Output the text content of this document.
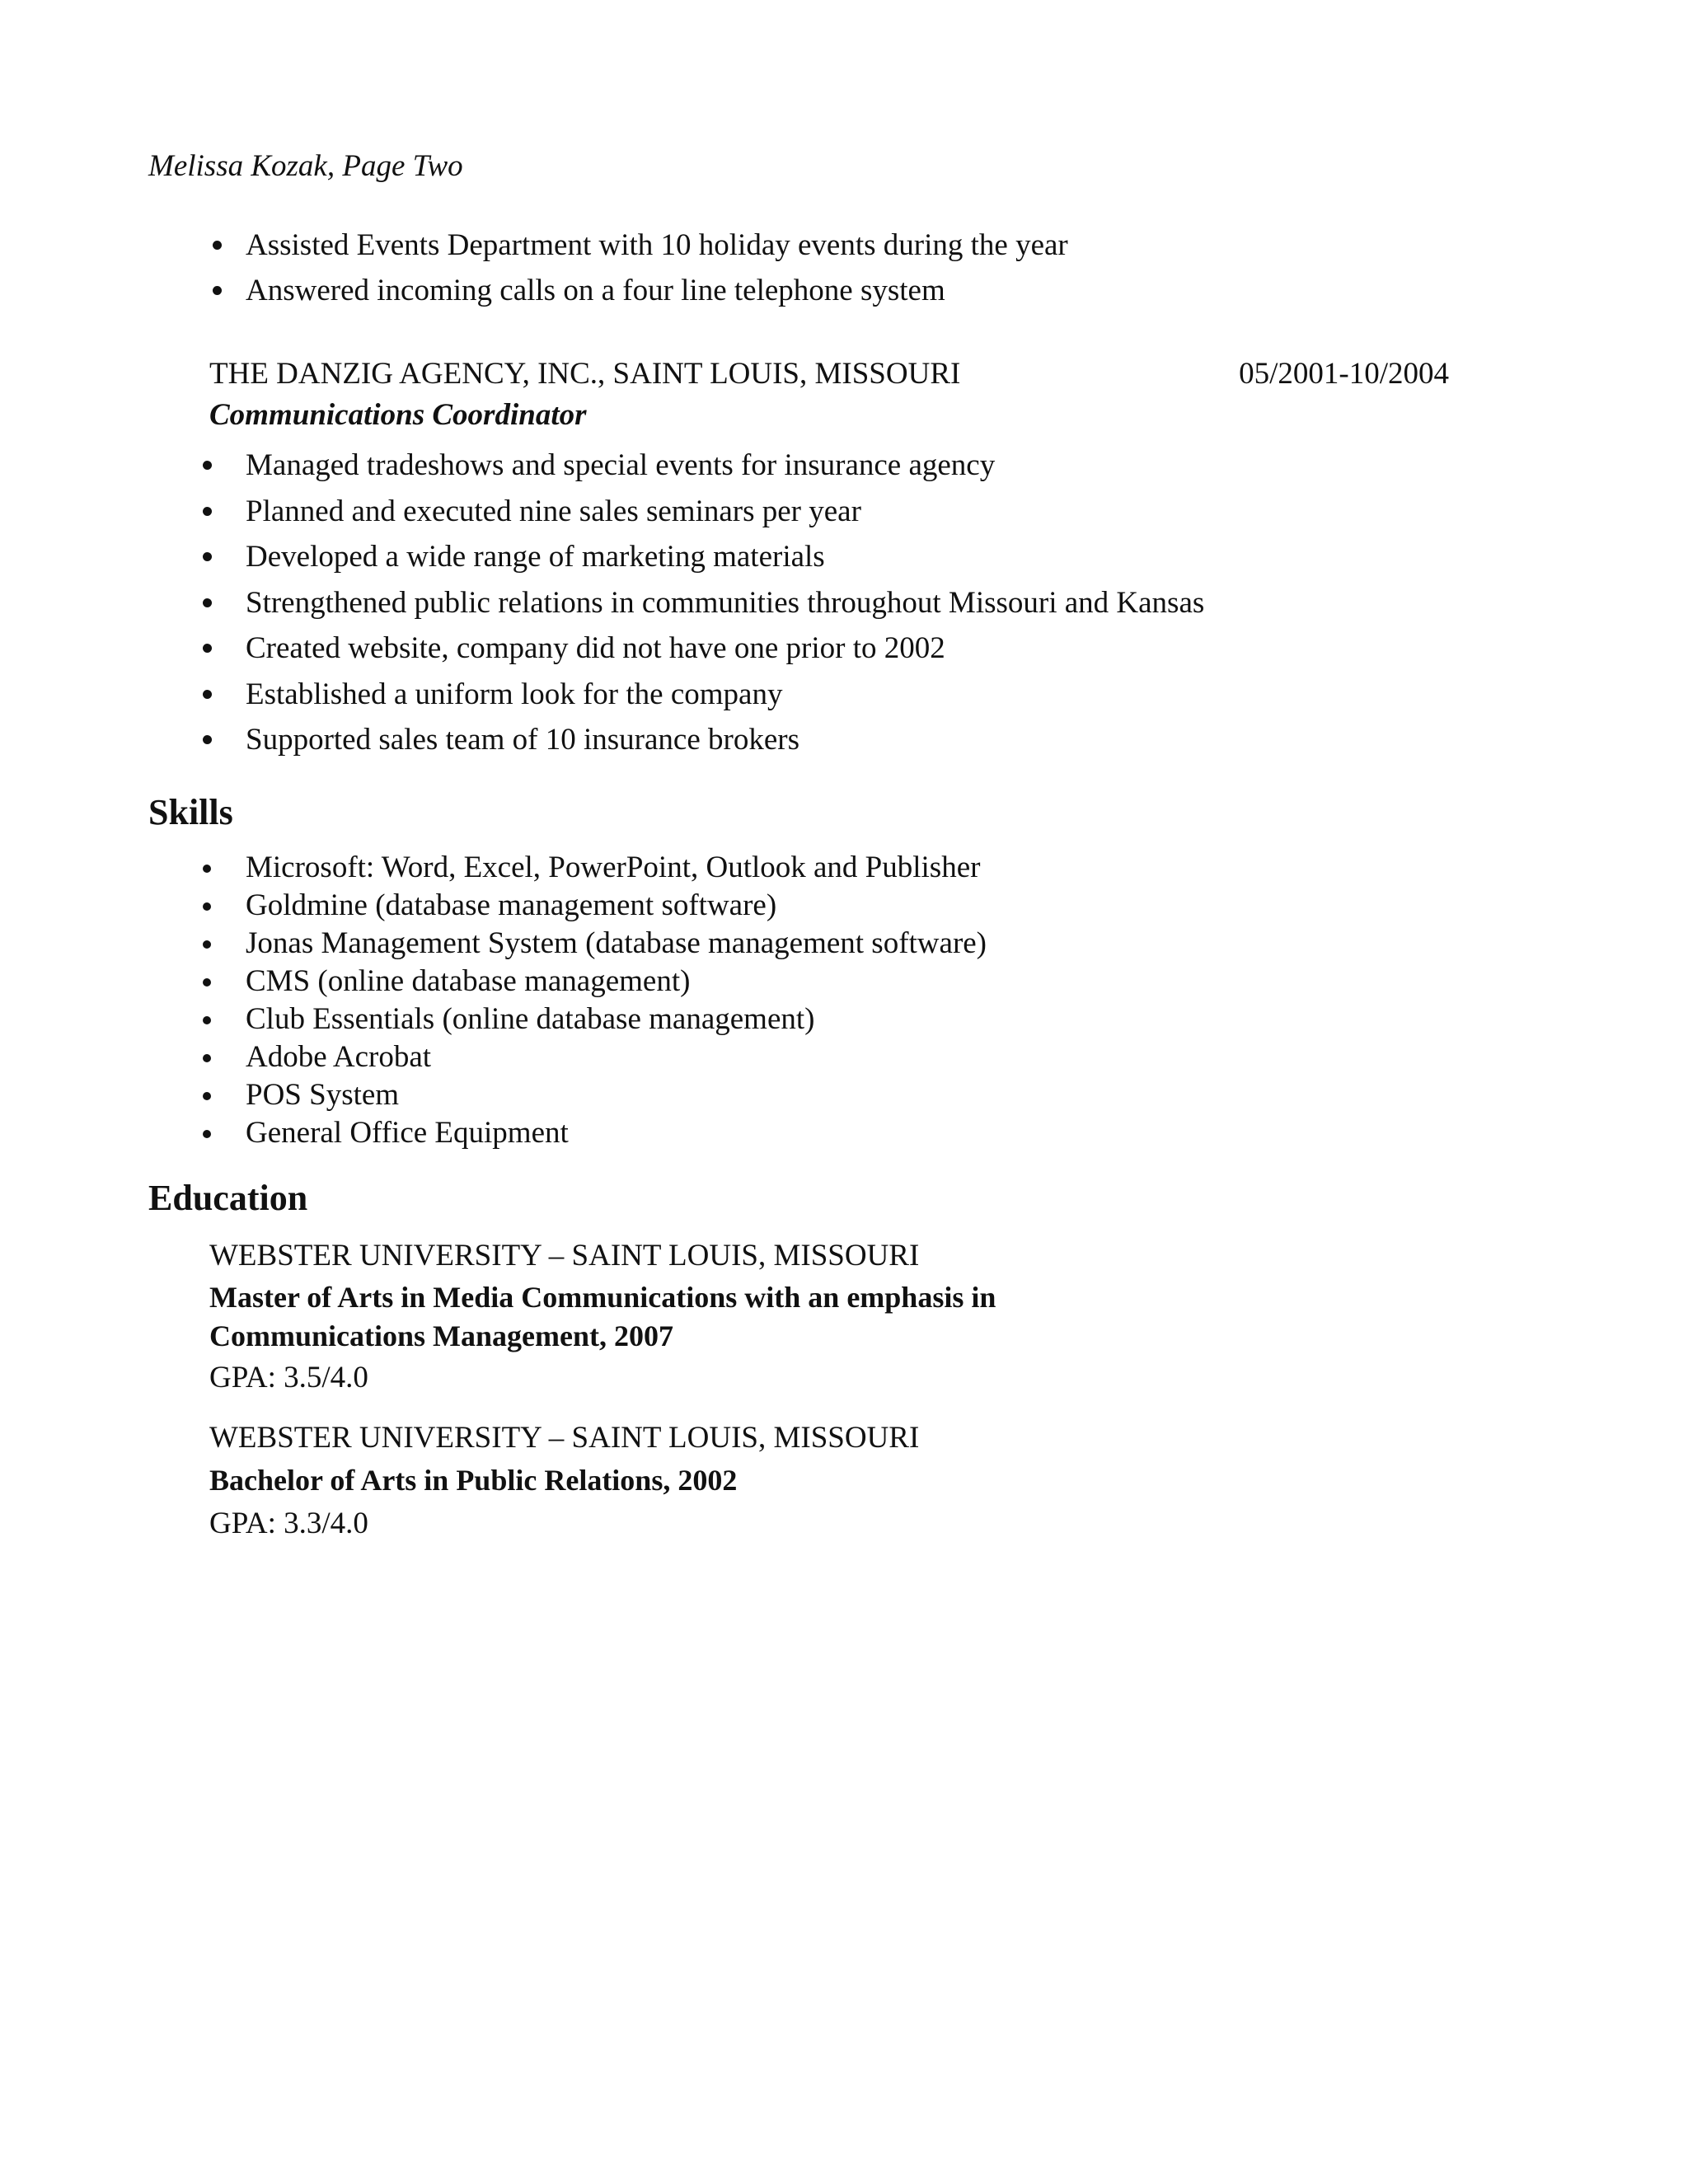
Melissa Kozak, Page Two
Assisted Events Department with 10 holiday events during the year
Answered incoming calls on a four line telephone system
THE DANZIG AGENCY, INC., SAINT LOUIS, MISSOURI	05/2001-10/2004
Communications Coordinator
Managed tradeshows and special events for insurance agency
Planned and executed nine sales seminars per year
Developed a wide range of marketing materials
Strengthened public relations in communities throughout Missouri and Kansas
Created website, company did not have one prior to 2002
Established a uniform look for the company
Supported sales team of 10 insurance brokers
Skills
Microsoft: Word, Excel, PowerPoint, Outlook and Publisher
Goldmine (database management software)
Jonas Management System (database management software)
CMS (online database management)
Club Essentials (online database management)
Adobe Acrobat
POS System
General Office Equipment
Education
WEBSTER UNIVERSITY – SAINT LOUIS, MISSOURI
Master of Arts in Media Communications with an emphasis in
Communications Management, 2007
GPA: 3.5/4.0
WEBSTER UNIVERSITY – SAINT LOUIS, MISSOURI
Bachelor of Arts in Public Relations, 2002
GPA: 3.3/4.0
